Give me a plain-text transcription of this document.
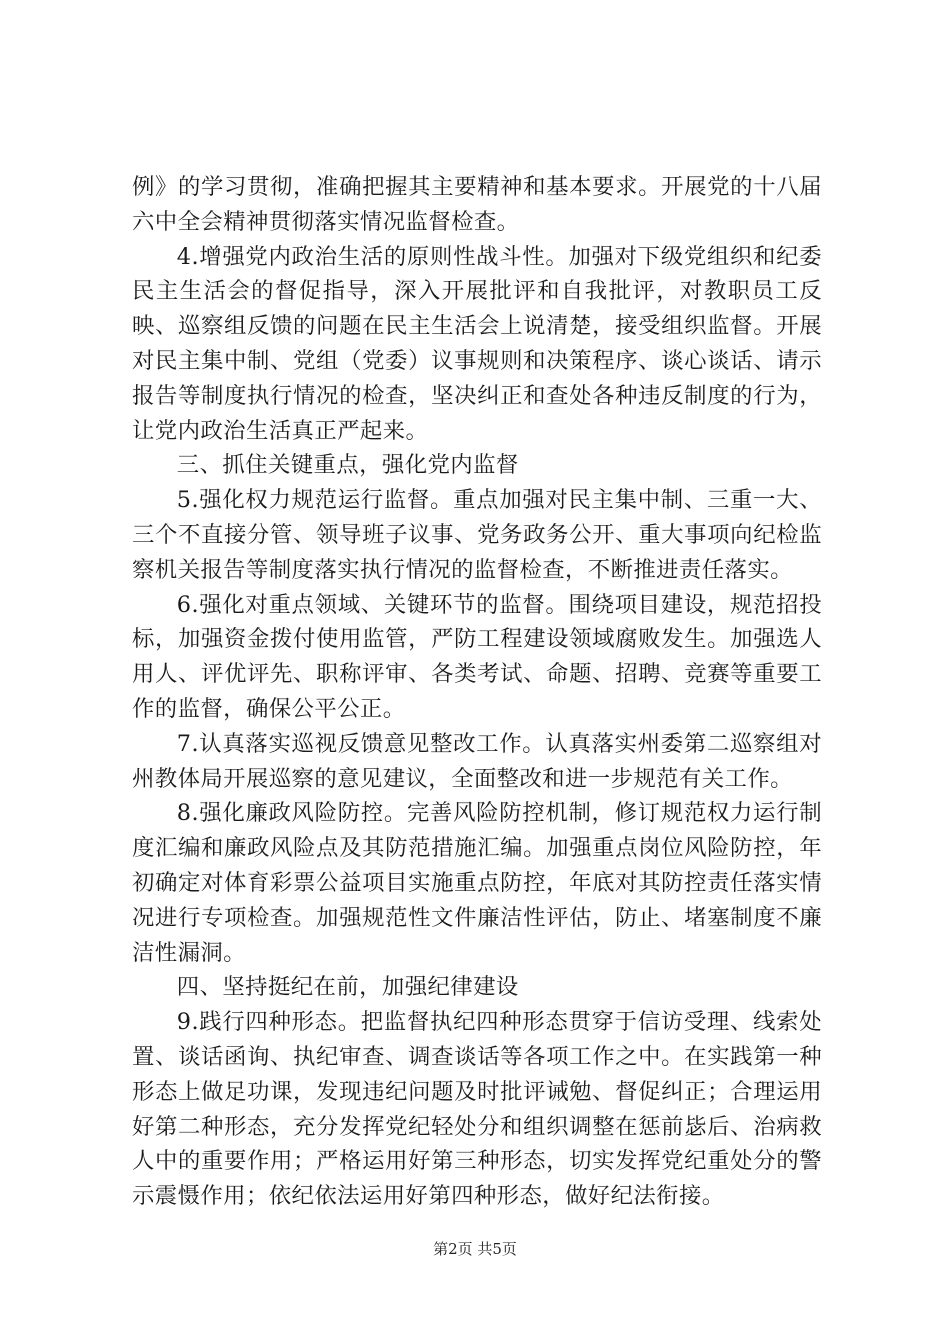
例》的学习贯彻，准确把握其主要精神和基本要求。开展党的十八届六中全会精神贯彻落实情况监督检查。

4.增强党内政治生活的原则性战斗性。加强对下级党组织和纪委民主生活会的督促指导，深入开展批评和自我批评，对教职员工反映、巡察组反馈的问题在民主生活会上说清楚，接受组织监督。开展对民主集中制、党组（党委）议事规则和决策程序、谈心谈话、请示报告等制度执行情况的检查，坚决纠正和查处各种违反制度的行为，让党内政治生活真正严起来。

三、抓住关键重点，强化党内监督

5.强化权力规范运行监督。重点加强对民主集中制、三重一大、三个不直接分管、领导班子议事、党务政务公开、重大事项向纪检监察机关报告等制度落实执行情况的监督检查，不断推进责任落实。

6.强化对重点领域、关键环节的监督。围绕项目建设，规范招投标，加强资金拨付使用监管，严防工程建设领域腐败发生。加强选人用人、评优评先、职称评审、各类考试、命题、招聘、竞赛等重要工作的监督，确保公平公正。

7.认真落实巡视反馈意见整改工作。认真落实州委第二巡察组对州教体局开展巡察的意见建议，全面整改和进一步规范有关工作。

8.强化廉政风险防控。完善风险防控机制，修订规范权力运行制度汇编和廉政风险点及其防范措施汇编。加强重点岗位风险防控，年初确定对体育彩票公益项目实施重点防控，年底对其防控责任落实情况进行专项检查。加强规范性文件廉洁性评估，防止、堵塞制度不廉洁性漏洞。

四、坚持挺纪在前，加强纪律建设

9.践行四种形态。把监督执纪四种形态贯穿于信访受理、线索处置、谈话函询、执纪审查、调查谈话等各项工作之中。在实践第一种形态上做足功课，发现违纪问题及时批评诫勉、督促纠正；合理运用好第二种形态，充分发挥党纪轻处分和组织调整在惩前毖后、治病救人中的重要作用；严格运用好第三种形态，切实发挥党纪重处分的警示震慑作用；依纪依法运用好第四种形态，做好纪法衔接。

第2页 共5页
